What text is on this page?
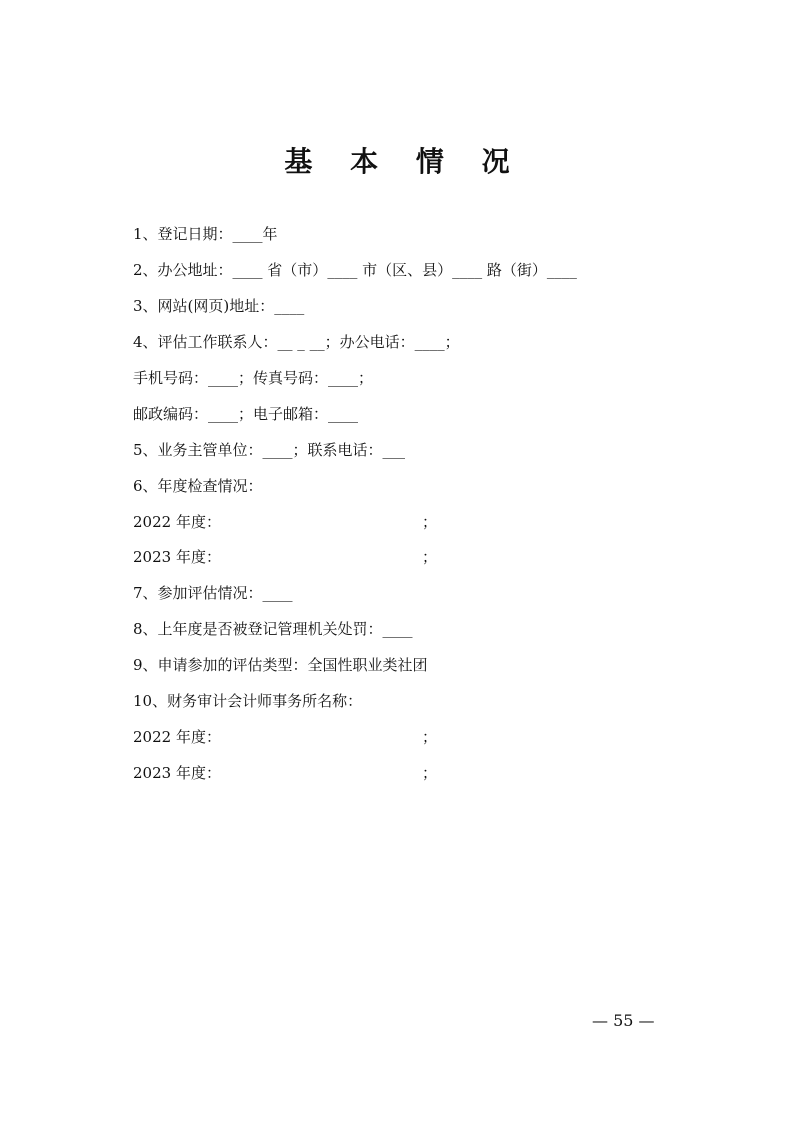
基 本 情 况
1、登记日期：____年
2、办公地址：____ 省（市）____ 市（区、县）____ 路（街）____
3、网站(网页)地址：____
4、评估工作联系人：__ _ __；办公电话：____；
手机号码：____；传真号码：____；
邮政编码：____；电子邮箱：____
5、业务主管单位：____；联系电话：___
6、年度检查情况：
2022 年度：	；
2023 年度：	；
7、参加评估情况：____
8、上年度是否被登记管理机关处罚：____
9、申请参加的评估类型：全国性职业类社团
10、财务审计会计师事务所名称：
2022 年度：	；
2023 年度：	；
— 55 —
